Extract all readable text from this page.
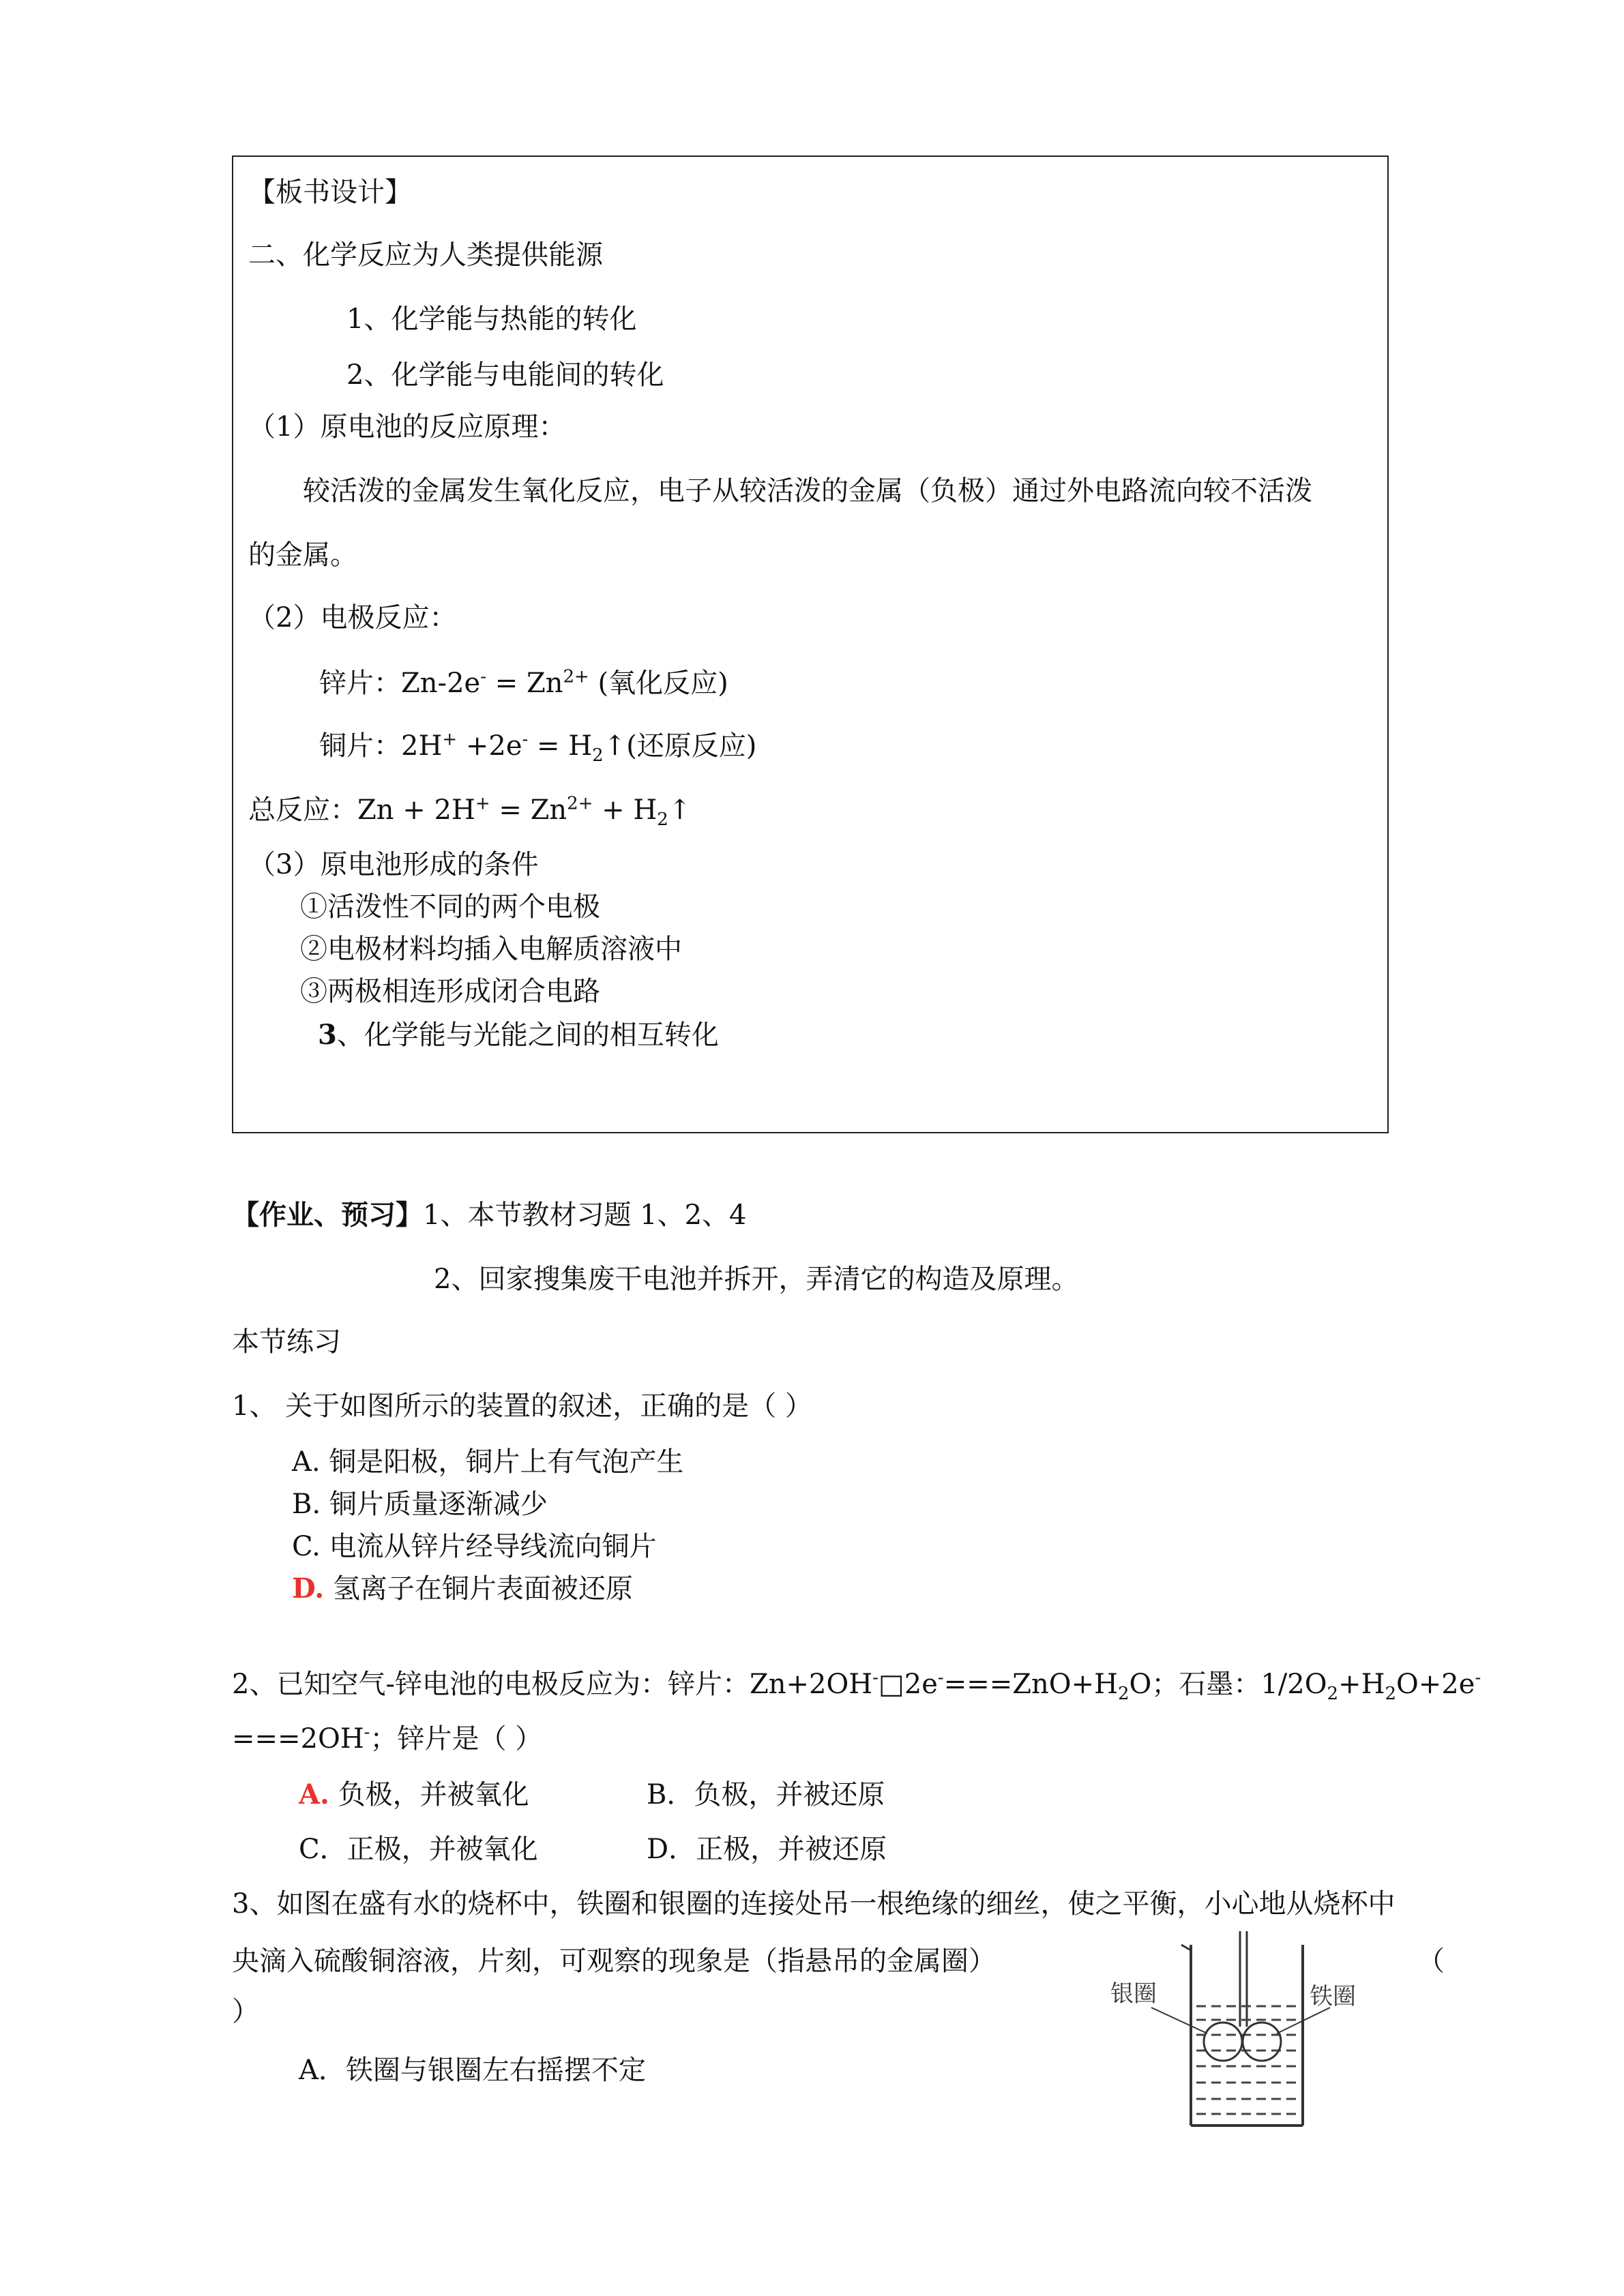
【板书设计】
二、化学反应为人类提供能源
1、化学能与热能的转化
2、化学能与电能间的转化
（1）原电池的反应原理：
较活泼的金属发生氧化反应，电子从较活泼的金属（负极）通过外电路流向较不活泼
的金属。
（2）电极反应：
锌片：$Zn-2e^- = Zn^{2+}$ (氧化反应)
铜片：$2H^+ +2e^- = H_2↑$(还原反应)
总反应：$Zn + 2H^+ = Zn^{2+}$ + $H_2↑$
（3）原电池形成的条件
①活泼性不同的两个电极
②电极材料均插入电解质溶液中
③两极相连形成闭合电路
3、化学能与光能之间的相互转化
【作业、预习】1、本节教材习题 1、2、4
2、回家搜集废干电池并拆开，弄清它的构造及原理。
本节练习
1、 关于如图所示的装置的叙述，正确的是（ ）
A. 铜是阳极，铜片上有气泡产生
B. 铜片质量逐渐减少
C. 电流从锌片经导线流向铜片
D. 氢离子在铜片表面被还原
2、已知空气-锌电池的电极反应为：锌片：$Zn+2OH^-□2e^-===ZnO+H_2O$；石墨：$1/2O_2+H_2O+2e^-$
===2OH-；锌片是（ ）
A. 负极，并被氧化	B．负极，并被还原
C．正极，并被氧化	D．正极，并被还原
3、如图在盛有水的烧杯中，铁圈和银圈的连接处吊一根绝缘的细丝，使之平衡，小心地从烧杯中
央滴入硫酸铜溶液，片刻，可观察的现象是（指悬吊的金属圈）	（
）
A．铁圈与银圈左右摇摆不定
银圈	铁圈
